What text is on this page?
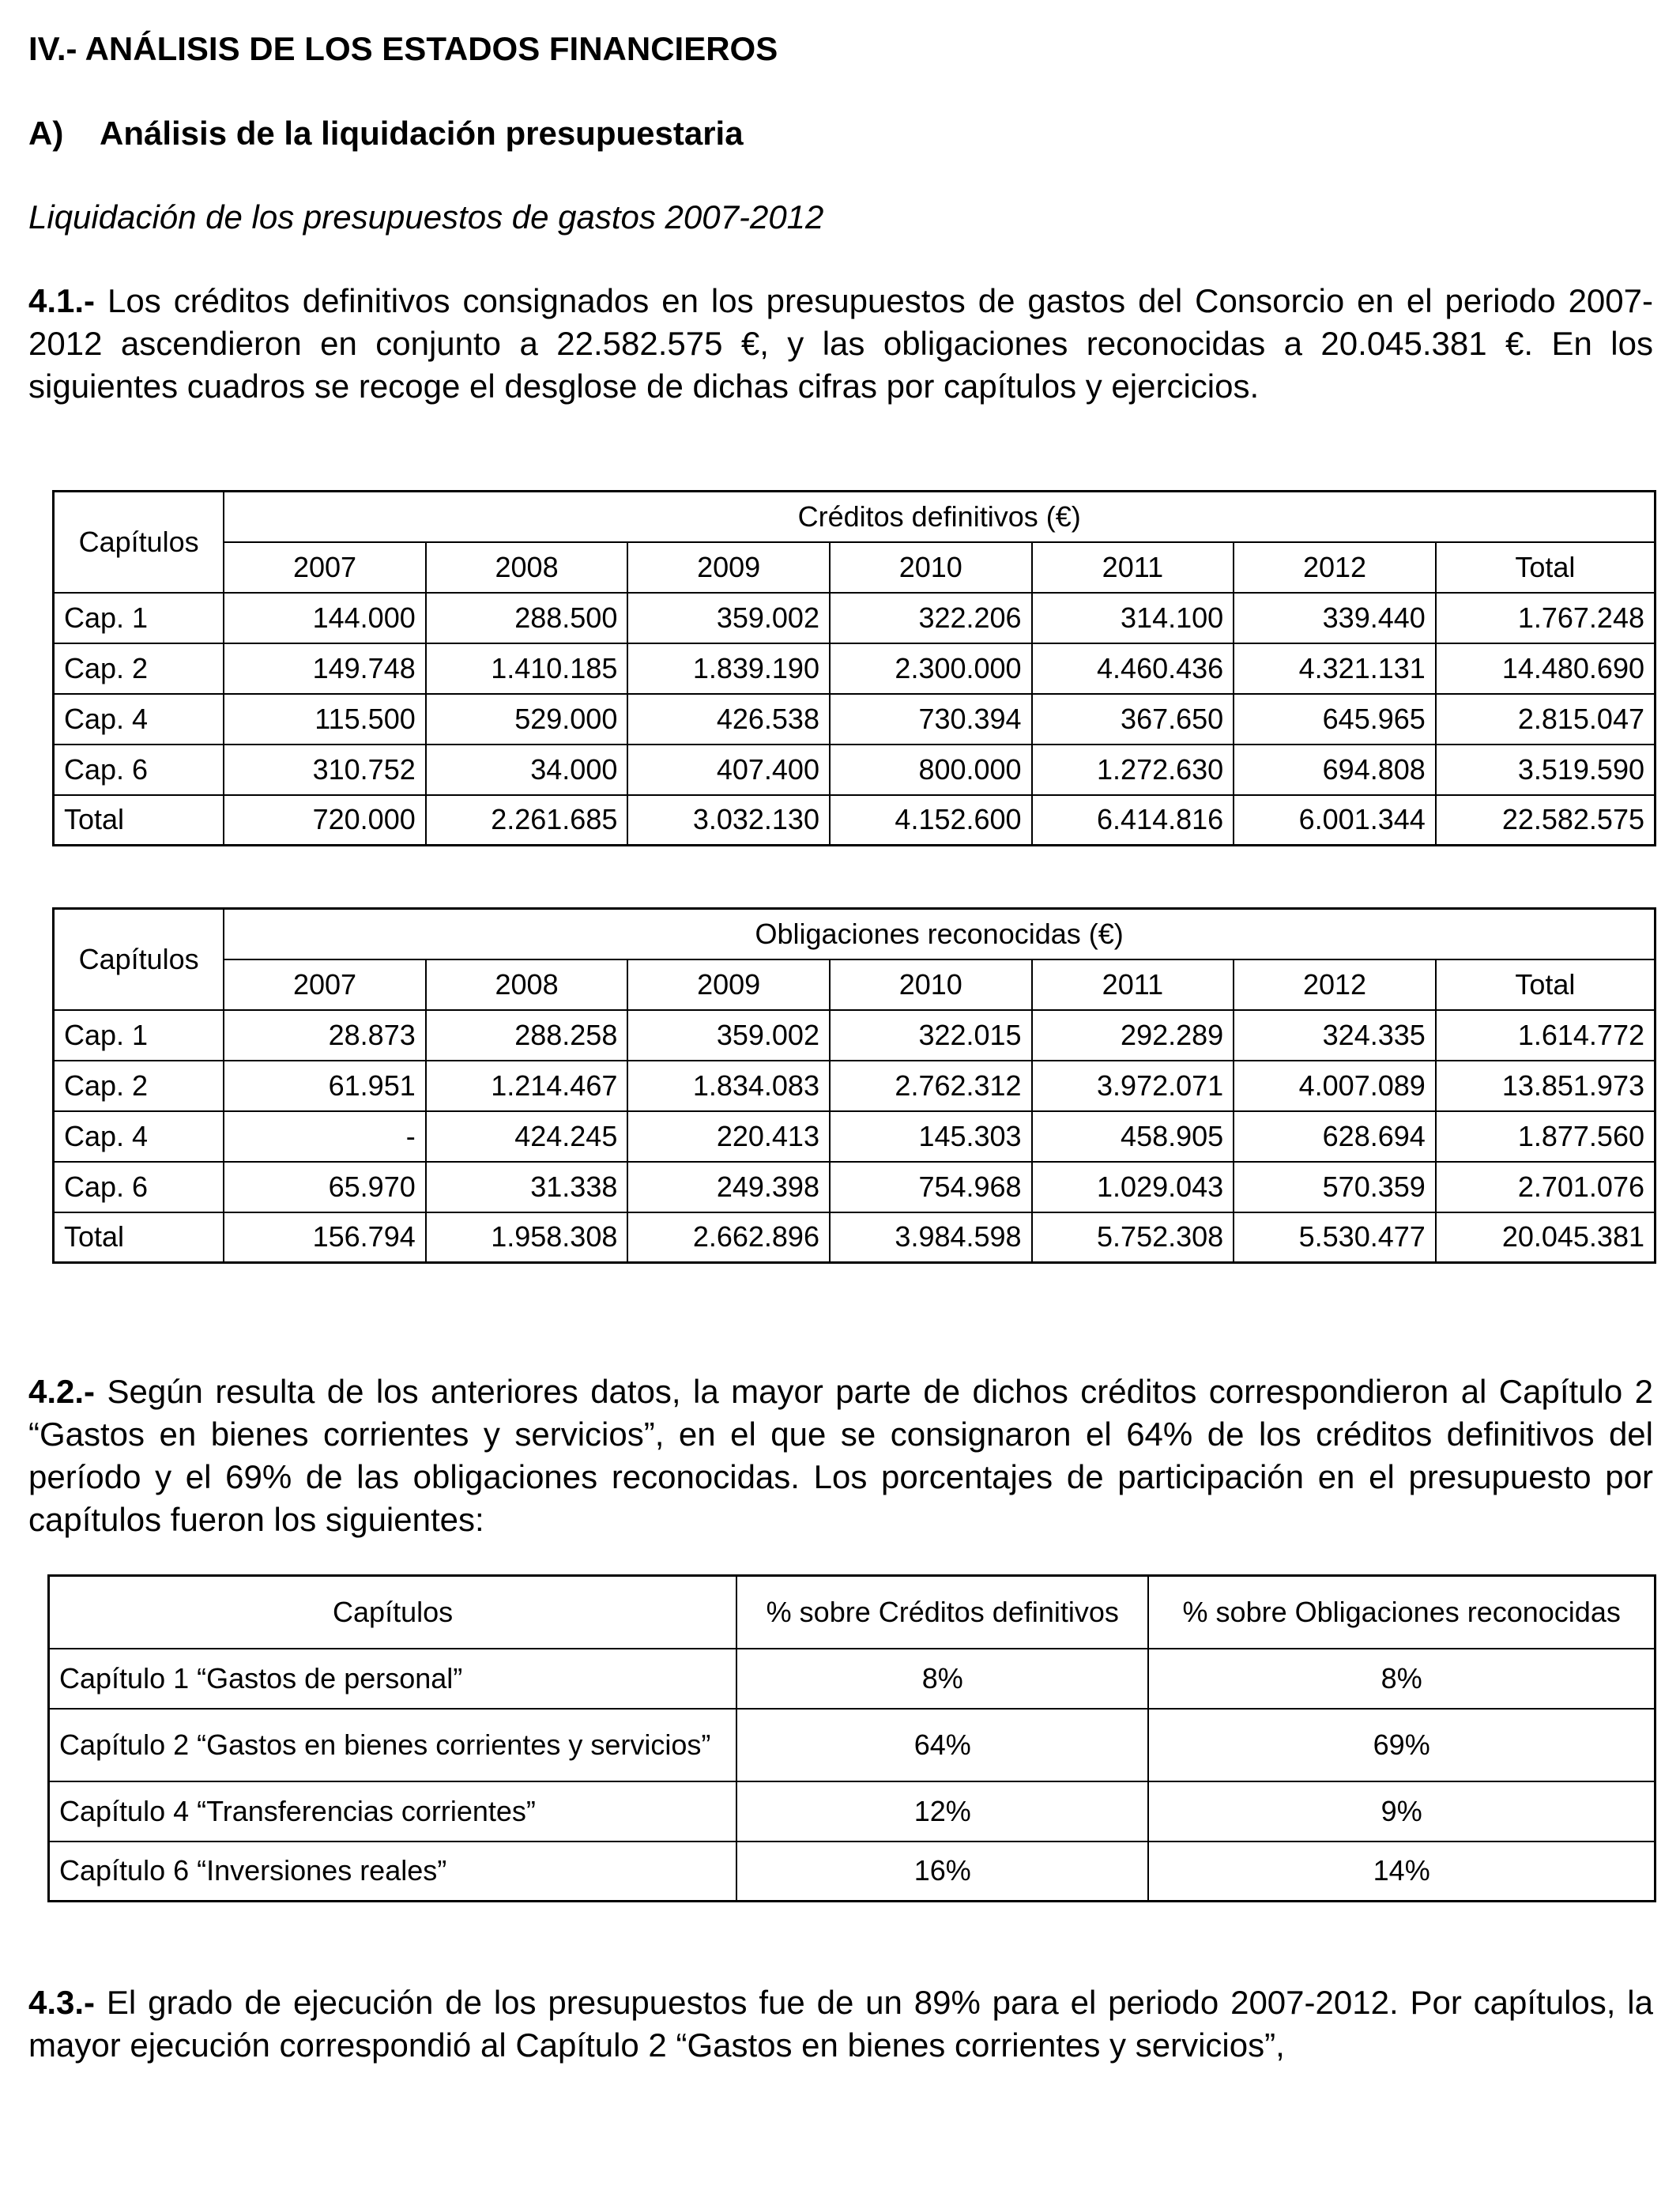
IV.- ANÁLISIS DE LOS ESTADOS FINANCIEROS
A) Análisis de la liquidación presupuestaria
Liquidación de los presupuestos de gastos 2007-2012
4.1.- Los créditos definitivos consignados en los presupuestos de gastos del Consorcio en el periodo 2007-2012 ascendieron en conjunto a 22.582.575 €, y las obligaciones reconocidas a 20.045.381 €. En los siguientes cuadros se recoge el desglose de dichas cifras por capítulos y ejercicios.
Capítulos	Créditos definitivos (€)						
	2007	2008	2009	2010	2011	2012	Total
Cap. 1	144.000	288.500	359.002	322.206	314.100	339.440	1.767.248
Cap. 2	149.748	1.410.185	1.839.190	2.300.000	4.460.436	4.321.131	14.480.690
Cap. 4	115.500	529.000	426.538	730.394	367.650	645.965	2.815.047
Cap. 6	310.752	34.000	407.400	800.000	1.272.630	694.808	3.519.590
Total	720.000	2.261.685	3.032.130	4.152.600	6.414.816	6.001.344	22.582.575
Capítulos	Obligaciones reconocidas (€)						
	2007	2008	2009	2010	2011	2012	Total
Cap. 1	28.873	288.258	359.002	322.015	292.289	324.335	1.614.772
Cap. 2	61.951	1.214.467	1.834.083	2.762.312	3.972.071	4.007.089	13.851.973
Cap. 4	-	424.245	220.413	145.303	458.905	628.694	1.877.560
Cap. 6	65.970	31.338	249.398	754.968	1.029.043	570.359	2.701.076
Total	156.794	1.958.308	2.662.896	3.984.598	5.752.308	5.530.477	20.045.381
4.2.- Según resulta de los anteriores datos, la mayor parte de dichos créditos correspondieron al Capítulo 2 “Gastos en bienes corrientes y servicios”, en el que se consignaron el 64% de los créditos definitivos del período y el 69% de las obligaciones reconocidas. Los porcentajes de participación en el presupuesto por capítulos fueron los siguientes:
Capítulos	% sobre Créditos definitivos	% sobre Obligaciones reconocidas
Capítulo 1 “Gastos de personal”	8%	8%
Capítulo 2 “Gastos en bienes corrientes y servicios”	64%	69%
Capítulo 4 “Transferencias corrientes”	12%	9%
Capítulo 6 “Inversiones reales”	16%	14%
4.3.- El grado de ejecución de los presupuestos fue de un 89% para el periodo 2007-2012. Por capítulos, la mayor ejecución correspondió al Capítulo 2 “Gastos en bienes corrientes y servicios”,
